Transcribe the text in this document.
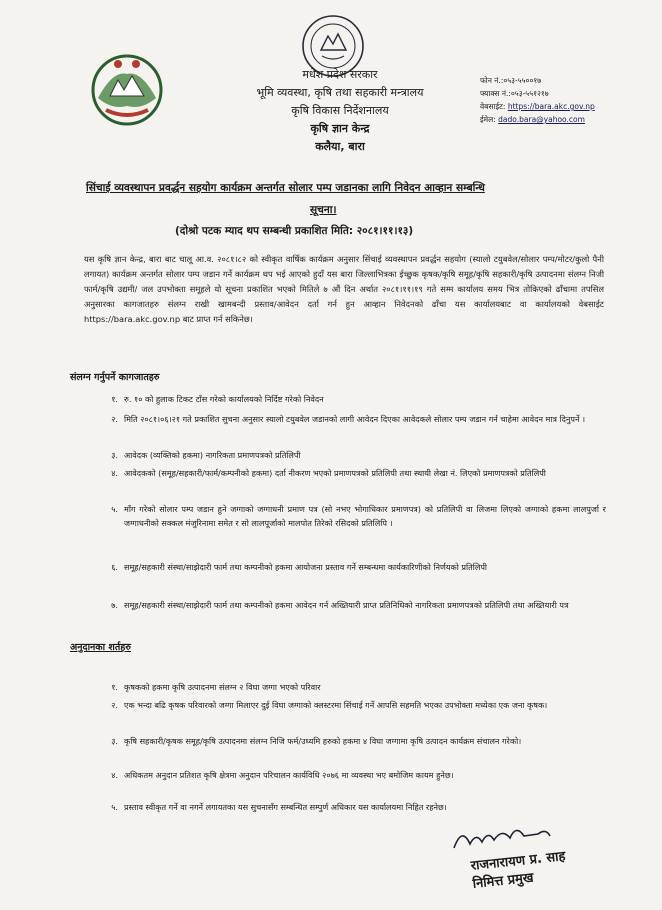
मधेश प्रदेश सरकार
भूमि व्यवस्था, कृषि तथा सहकारी मन्त्रालय
कृषि विकास निर्देशनालय
कृषि ज्ञान केन्द्र
कलैया, बारा
फोन नं.:०५३-५५००१७
फ्याक्स नं.:०५३-५५१२१७
वेबसाईट: https://bara.akc.gov.np
ईमेल: dado.bara@yahoo.com
सिंचाई व्यवस्थापन प्रवर्द्धन सहयोग कार्यक्रम अन्तर्गत सोलार पम्प जडानका लागि निवेदन आव्हान सम्बन्धि
सूचना।
(दोश्रो पटक म्याद थप सम्बन्धी प्रकाशित मिति: २०८१।११।१३)
यस कृषि ज्ञान केन्द्र, बारा बाट चालू आ.व. २०८१।८२ को स्वीकृत वार्षिक कार्यक्रम अनुसार सिंचाई व्यवस्थापन प्रवर्द्धन सहयोग (स्यालो टयुबवेल/सोलार पम्प/मोटर/कुलो पैनी लगायत) कार्यक्रम अन्तर्गत सोलार पम्प जडान गर्ने कार्यक्रम थप भई आएको हुदाँ यस बारा जिल्लाभित्रका ईच्छुक कृषक/कृषि समूह/कृषि सहकारी/कृषि उत्पादनमा संलग्न निजी फार्म/कृषि उद्यमी/ जल उपभोक्ता समूहले यो सूचना प्रकाशित भएको मितिले ७ औं दिन अर्थात २०८१।११।१९ गते सम्म कार्यालय समय भित्र तोकिएको ढाँचामा तपसिल अनुसारका कागजातहरु संलग्न राखी खामबन्दी प्रस्ताव/आवेदन दर्ता गर्न हुन आव्हान निवेदनको ढाँचा यस कार्यालयबाट वा कार्यालयको वेबसाईट https://bara.akc.gov.np बाट प्राप्त गर्न सकिनेछ।
संलग्न गर्नुपर्ने कागजातहरु
१. रु. १० को हुलाक टिकट टाँस गरेको कार्यालयको निर्दिष्ट गरेको निवेदन
२. मिति २०८१।०६।२१ गते प्रकाशित सुचना अनुसार स्यालो टयुबवेल जडानको लागी आवेदन दिएका आवेदकले सोलार पम्प जडान गर्न चाहेमा आवेदन मात्र दिनुपर्ने ।
३. आवेदक (व्यक्तिको हकमा) नागरिकता प्रमाणपत्रको प्रतिलिपी
४. आवेदकको (समूह/सहकारी/फार्म/कम्पनीको हकमा) दर्ता नीकरण भएको प्रमाणपत्रको प्रतिलिपी तथा स्थायी लेखा नं. लिएको प्रमाणपत्रको प्रतिलिपी
५. माँग गरेको सोलार पम्प जडान हुने जग्गाको जग्गाधनी प्रमाण पत्र (सो नभए भोगाधिकार प्रमाणपत्र) को प्रतिलिपी वा लिजमा लिएको जग्गाको हकमा लालपुर्जा र जग्गाधनीको सक्कल मंजुरिनामा समेत र सो लालपूर्जाको मालपोत तिरेको रसिदको प्रतिलिपि ।
६. समूह/सहकारी संस्था/साझेदारी फार्म तथा कम्पनीको हकमा आयोजना प्रस्ताव गर्ने सम्बन्धमा कार्यकारिणीको निर्णयको प्रतिलिपी
७. समूह/सहकारी संस्था/साझेदारी फार्म तथा कम्पनीको हकमा आवेदन गर्न अख्तियारी प्राप्त प्रतिनिधिको नागरिकता प्रमाणपत्रको प्रतिलिपी तथा अख्तियारी पत्र
अनुदानका शर्तहरु
१. कृषकको हकमा कृषि उत्पादनमा संलग्न २ विघा जग्गा भएको परिवार
२. एक भन्दा बढि कृषक परिवारको जग्गा मिलाएर दुई विघा जग्गाको क्लस्टरमा सिंचाई गर्ने आपसि सहमति भएका उपभोक्ता मध्येका एक जना कृषक।
३. कृषि सहकारी/कृषक समूह/कृषि उत्पादनमा संलग्न निजि फर्म/उध्यमि हरुको हकमा ४ विघा जग्गामा कृषि उत्पादन कार्यक्रम संचालन गरेको।
४. अधिकतम अनुदान प्रतिशत कृषि क्षेत्रमा अनुदान परिचालन कार्यविधि २०७६ मा व्यवस्था भए बमोजिम कायम हुनेछ।
५. प्रस्ताव स्वीकृत गर्ने वा नगर्ने लगायतका यस सुचनासँग सम्बन्धित सम्पुर्ण अधिकार यस कार्यालयमा निहित रहनेछ।
राजनारायण प्र. साह
निमित्त प्रमुख
